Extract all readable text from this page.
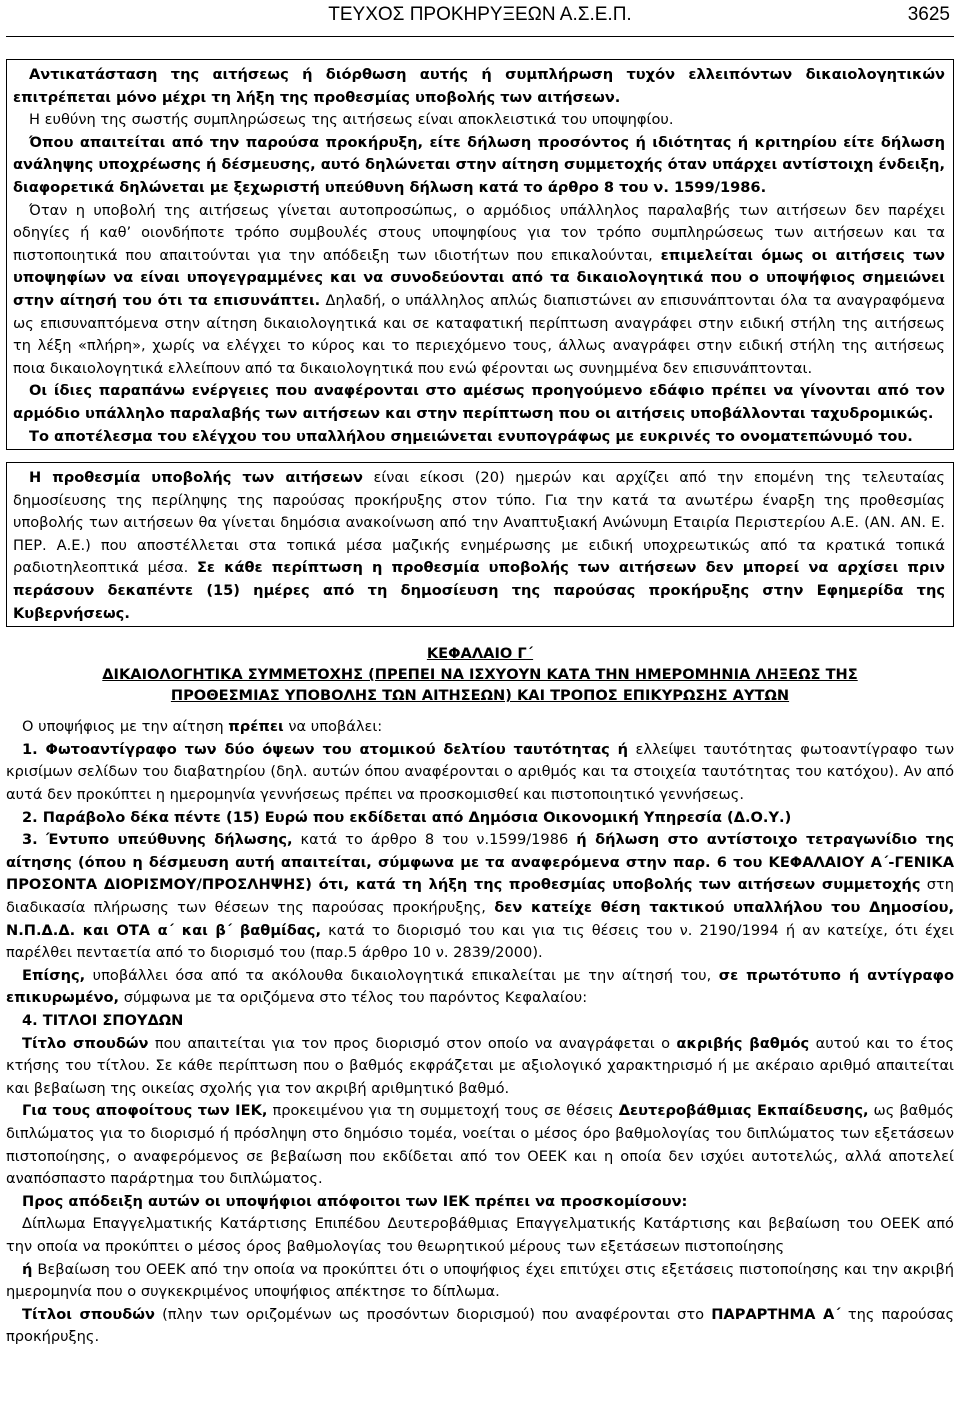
ΤΕΥΧΟΣ ΠΡΟΚΗΡΥΞΕΩΝ Α.Σ.Ε.Π.	3625

Αντικατάσταση της αιτήσεως ή διόρθωση αυτής ή συμπλήρωση τυχόν ελλειπόντων δικαιολογητικών επιτρέπεται μόνο μέχρι τη λήξη της προθεσμίας υποβολής των αιτήσεων.

Η ευθύνη της σωστής συμπληρώσεως της αιτήσεως είναι αποκλειστικά του υποψηφίου.

Όπου απαιτείται από την παρούσα προκήρυξη, είτε δήλωση προσόντος ή ιδιότητας ή κριτηρίου είτε δήλωση ανάληψης υποχρέωσης ή δέσμευσης, αυτό δηλώνεται στην αίτηση συμμετοχής όταν υπάρχει αντίστοιχη ένδειξη, διαφορετικά δηλώνεται με ξεχωριστή υπεύθυνη δήλωση κατά το άρθρο 8 του ν. 1599/1986.

Όταν η υποβολή της αιτήσεως γίνεται αυτοπροσώπως, ο αρμόδιος υπάλληλος παραλαβής των αιτήσεων δεν παρέχει οδηγίες ή καθ’ οιονδήποτε τρόπο συμβουλές στους υποψηφίους για τον τρόπο συμπληρώσεως των αιτήσεων και τα πιστοποιητικά που απαιτούνται για την απόδειξη των ιδιοτήτων που επικαλούνται, επιμελείται όμως οι αιτήσεις των υποψηφίων να είναι υπογεγραμμένες και να συνοδεύονται από τα δικαιολογητικά που ο υποψήφιος σημειώνει στην αίτησή του ότι τα επισυνάπτει. Δηλαδή, ο υπάλληλος απλώς διαπιστώνει αν επισυνάπτονται όλα τα αναγραφόμενα ως επισυναπτόμενα στην αίτηση δικαιολογητικά και σε καταφατική περίπτωση αναγράφει στην ειδική στήλη της αιτήσεως τη λέξη «πλήρη», χωρίς να ελέγχει το κύρος και το περιεχόμενο τους, άλλως αναγράφει στην ειδική στήλη της αιτήσεως ποια δικαιολογητικά ελλείπουν από τα δικαιολογητικά που ενώ φέρονται ως συνημμένα δεν επισυνάπτονται.

Οι ίδιες παραπάνω ενέργειες που αναφέρονται στο αμέσως προηγούμενο εδάφιο πρέπει να γίνονται από τον αρμόδιο υπάλληλο παραλαβής των αιτήσεων και στην περίπτωση που οι αιτήσεις υποβάλλονται ταχυδρομικώς.

Το αποτέλεσμα του ελέγχου του υπαλλήλου σημειώνεται ενυπογράφως με ευκρινές το ονοματεπώνυμό του.

Η προθεσμία υποβολής των αιτήσεων είναι είκοσι (20) ημερών και αρχίζει από την επομένη της τελευταίας δημοσίευσης της περίληψης της παρούσας προκήρυξης στον τύπο. Για την κατά τα ανωτέρω έναρξη της προθεσμίας υποβολής των αιτήσεων θα γίνεται δημόσια ανακοίνωση από την Αναπτυξιακή Ανώνυμη Εταιρία Περιστερίου Α.Ε. (ΑΝ. ΑΝ. Ε. ΠΕΡ. Α.Ε.) που αποστέλλεται στα τοπικά μέσα μαζικής ενημέρωσης με ειδική υποχρεωτικώς από τα κρατικά τοπικά ραδιοτηλεοπτικά μέσα. Σε κάθε περίπτωση η προθεσμία υποβολής των αιτήσεων δεν μπορεί να αρχίσει πριν περάσουν δεκαπέντε (15) ημέρες από τη δημοσίευση της παρούσας προκήρυξης στην Εφημερίδα της Κυβερνήσεως.

ΚΕΦΑΛΑΙΟ Γ΄

ΔΙΚΑΙΟΛΟΓΗΤΙΚΑ ΣΥΜΜΕΤΟΧΗΣ (ΠΡΕΠΕΙ ΝΑ ΙΣΧΥΟΥΝ ΚΑΤΑ ΤΗΝ ΗΜΕΡΟΜΗΝΙΑ ΛΗΞΕΩΣ ΤΗΣ

ΠΡΟΘΕΣΜΙΑΣ ΥΠΟΒΟΛΗΣ ΤΩΝ ΑΙΤΗΣΕΩΝ) ΚΑΙ ΤΡΟΠΟΣ ΕΠΙΚΥΡΩΣΗΣ ΑΥΤΩΝ

Ο υποψήφιος με την αίτηση πρέπει να υποβάλει:

1. Φωτοαντίγραφο των δύο όψεων του ατομικού δελτίου ταυτότητας ή ελλείψει ταυτότητας φωτοαντίγραφο των κρισίμων σελίδων του διαβατηρίου (δηλ. αυτών όπου αναφέρονται ο αριθμός και τα στοιχεία ταυτότητας του κατόχου). Αν από αυτά δεν προκύπτει η ημερομηνία γεννήσεως πρέπει να προσκομισθεί και πιστοποιητικό γεννήσεως.

2. Παράβολο δέκα πέντε (15) Ευρώ που εκδίδεται από Δημόσια Οικονομική Υπηρεσία (Δ.Ο.Υ.)

3. Έντυπο υπεύθυνης δήλωσης, κατά το άρθρο 8 του ν.1599/1986 ή δήλωση στο αντίστοιχο τετραγωνίδιο της αίτησης (όπου η δέσμευση αυτή απαιτείται, σύμφωνα με τα αναφερόμενα στην παρ. 6 του ΚΕΦΑΛΑΙΟΥ Α΄-ΓΕΝΙΚΑ ΠΡΟΣΟΝΤΑ ΔΙΟΡΙΣΜΟΥ/ΠΡΟΣΛΗΨΗΣ) ότι, κατά τη λήξη της προθεσμίας υποβολής των αιτήσεων συμμετοχής στη διαδικασία πλήρωσης των θέσεων της παρούσας προκήρυξης, δεν κατείχε θέση τακτικού υπαλλήλου του Δημοσίου, Ν.Π.Δ.Δ. και ΟΤΑ α΄ και β΄ βαθμίδας, κατά το διορισμό του και για τις θέσεις του ν. 2190/1994 ή αν κατείχε, ότι έχει παρέλθει πενταετία από το διορισμό του (παρ.5 άρθρο 10 ν. 2839/2000).

Επίσης, υποβάλλει όσα από τα ακόλουθα δικαιολογητικά επικαλείται με την αίτησή του, σε πρωτότυπο ή αντίγραφο επικυρωμένο, σύμφωνα με τα οριζόμενα στο τέλος του παρόντος Κεφαλαίου:

4. ΤΙΤΛΟΙ ΣΠΟΥΔΩΝ

Τίτλο σπουδών που απαιτείται για τον προς διορισμό στον οποίο να αναγράφεται ο ακριβής βαθμός αυτού και το έτος κτήσης του τίτλου. Σε κάθε περίπτωση που ο βαθμός εκφράζεται με αξιολογικό χαρακτηρισμό ή με ακέραιο αριθμό απαιτείται και βεβαίωση της οικείας σχολής για τον ακριβή αριθμητικό βαθμό.

Για τους αποφοίτους των ΙΕΚ, προκειμένου για τη συμμετοχή τους σε θέσεις Δευτεροβάθμιας Εκπαίδευσης, ως βαθμός διπλώματος για το διορισμό ή πρόσληψη στο δημόσιο τομέα, νοείται ο μέσος όρο βαθμολογίας του διπλώματος των εξετάσεων πιστοποίησης, ο αναφερόμενος σε βεβαίωση που εκδίδεται από τον ΟΕΕΚ και η οποία δεν ισχύει αυτοτελώς, αλλά αποτελεί αναπόσπαστο παράρτημα του διπλώματος.

Προς απόδειξη αυτών οι υποψήφιοι απόφοιτοι των ΙΕΚ πρέπει να προσκομίσουν:

Δίπλωμα Επαγγελματικής Κατάρτισης Επιπέδου Δευτεροβάθμιας Επαγγελματικής Κατάρτισης και βεβαίωση του ΟΕΕΚ από την οποία να προκύπτει ο μέσος όρος βαθμολογίας του θεωρητικού μέρους των εξετάσεων πιστοποίησης

ή Βεβαίωση του ΟΕΕΚ από την οποία να προκύπτει ότι ο υποψήφιος έχει επιτύχει στις εξετάσεις πιστοποίησης και την ακριβή ημερομηνία που ο συγκεκριμένος υποψήφιος απέκτησε το δίπλωμα.

Τίτλοι σπουδών (πλην των οριζομένων ως προσόντων διορισμού) που αναφέρονται στο ΠΑΡΑΡΤΗΜΑ Α΄ της παρούσας προκήρυξης.
